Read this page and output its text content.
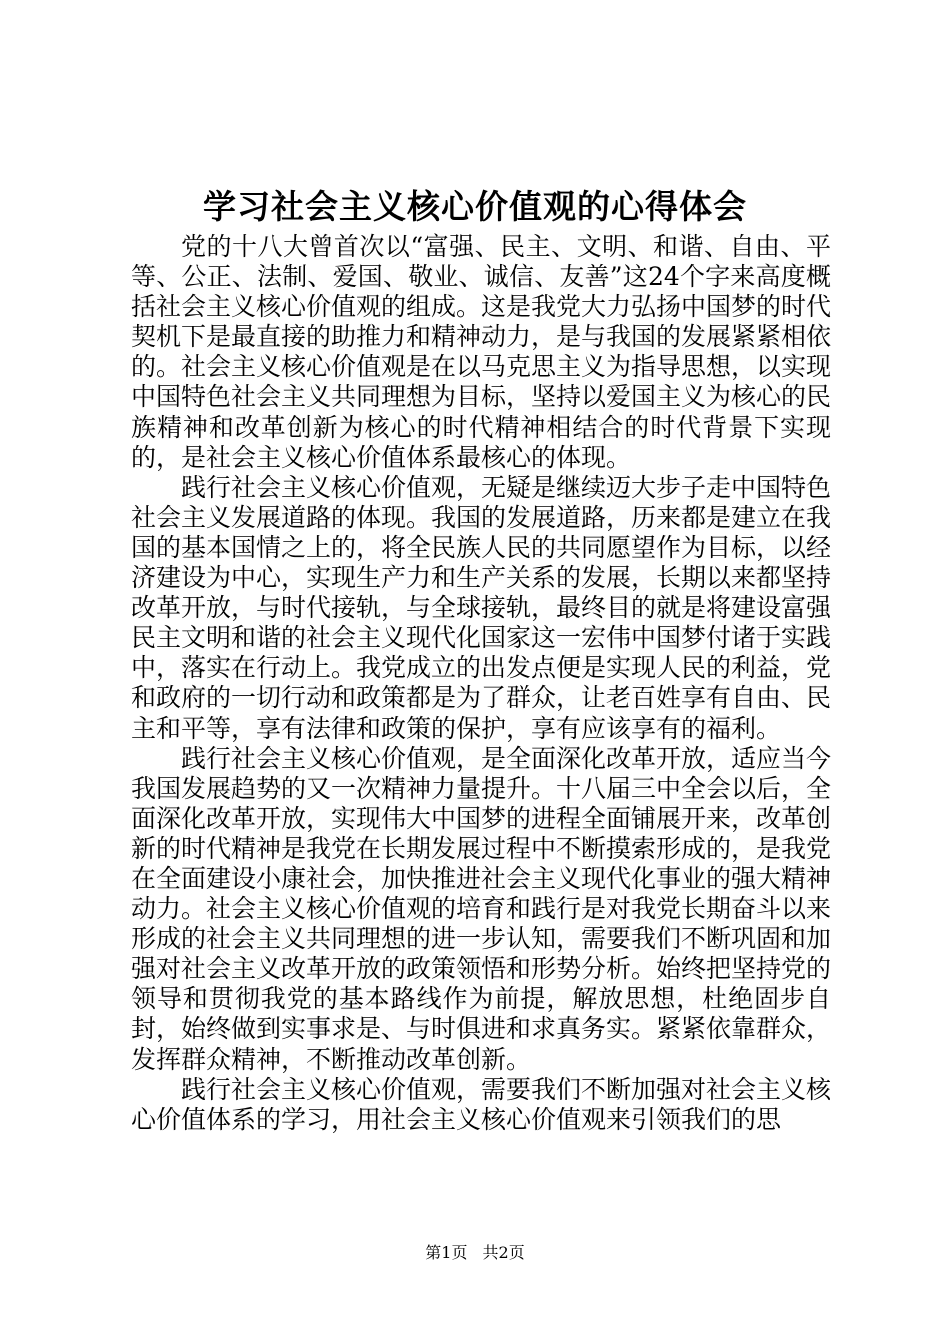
学习社会主义核心价值观的心得体会

党的十八大曾首次以“富强、民主、文明、和谐、自由、平等、公正、法制、爱国、敬业、诚信、友善”这24个字来高度概括社会主义核心价值观的组成。这是我党大力弘扬中国梦的时代契机下是最直接的助推力和精神动力，是与我国的发展紧紧相依的。社会主义核心价值观是在以马克思主义为指导思想，以实现中国特色社会主义共同理想为目标，坚持以爱国主义为核心的民族精神和改革创新为核心的时代精神相结合的时代背景下实现的，是社会主义核心价值体系最核心的体现。

践行社会主义核心价值观，无疑是继续迈大步子走中国特色社会主义发展道路的体现。我国的发展道路，历来都是建立在我国的基本国情之上的，将全民族人民的共同愿望作为目标，以经济建设为中心，实现生产力和生产关系的发展，长期以来都坚持改革开放，与时代接轨，与全球接轨，最终目的就是将建设富强民主文明和谐的社会主义现代化国家这一宏伟中国梦付诸于实践中，落实在行动上。我党成立的出发点便是实现人民的利益，党和政府的一切行动和政策都是为了群众，让老百姓享有自由、民主和平等，享有法律和政策的保护，享有应该享有的福利。

践行社会主义核心价值观，是全面深化改革开放，适应当今我国发展趋势的又一次精神力量提升。十八届三中全会以后，全面深化改革开放，实现伟大中国梦的进程全面铺展开来，改革创新的时代精神是我党在长期发展过程中不断摸索形成的，是我党在全面建设小康社会，加快推进社会主义现代化事业的强大精神动力。社会主义核心价值观的培育和践行是对我党长期奋斗以来形成的社会主义共同理想的进一步认知，需要我们不断巩固和加强对社会主义改革开放的政策领悟和形势分析。始终把坚持党的领导和贯彻我党的基本路线作为前提，解放思想，杜绝固步自封，始终做到实事求是、与时俱进和求真务实。紧紧依靠群众，发挥群众精神，不断推动改革创新。

践行社会主义核心价值观，需要我们不断加强对社会主义核心价值体系的学习，用社会主义核心价值观来引领我们的思

第1页 共2页
